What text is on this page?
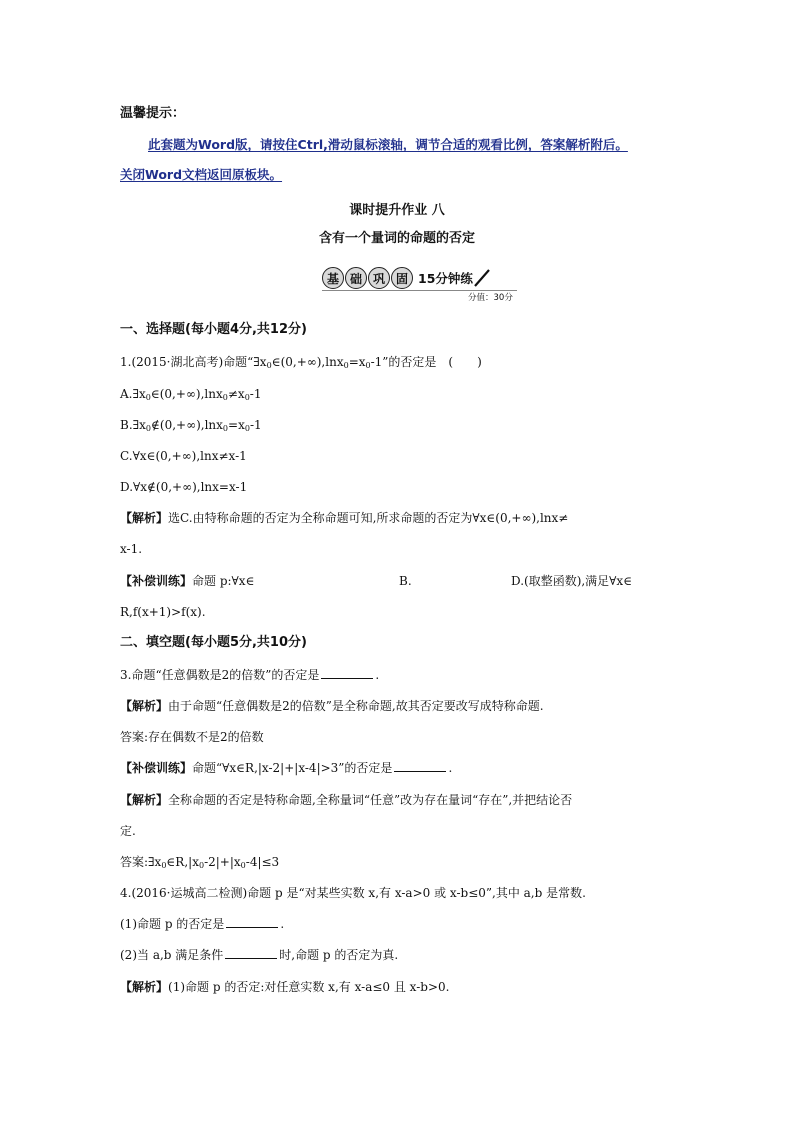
温馨提示：
此套题为Word版，请按住Ctrl,滑动鼠标滚轴，调节合适的观看比例，答案解析附后。
关闭Word文档返回原板块。
课时提升作业 八
含有一个量词的命题的否定
基 础 巩 固 15分钟练
分值：30分
一、选择题(每小题4分,共12分)
1.(2015·湖北高考)命题“$\exists x_0\in(0,+\infty),\ln x_0=x_0-1$”的否定是　(　　)
$A.\exists x_0\in(0,+\infty),\ln x_0\ne x_0-1$
$B.\exists x_0\notin(0,+\infty),\ln x_0=x_0-1$
C.∀x∈(0,+∞),lnx≠x-1
D.∀x∉(0,+∞),lnx=x-1
【解析】选C.由特称命题的否定为全称命题可知,所求命题的否定为∀x∈(0,+∞),lnx≠
x-1.
【补偿训练】命题 p:∀x∈	B.	D.(取整函数),满足∀x∈
R,f(x+1)>f(x).
二、填空题(每小题5分,共10分)
3.命题“任意偶数是2的倍数”的否定是	.
【解析】由于命题“任意偶数是2的倍数”是全称命题,故其否定要改写成特称命题.
答案:存在偶数不是2的倍数
【补偿训练】命题“∀x∈R,|x-2|+|x-4|>3”的否定是	.
【解析】全称命题的否定是特称命题,全称量词“任意”改为存在量词“存在”,并把结论否
定.
答案$:\exists x_0\in R,|x_0-2|+|x_0-4|\le 3$
4.(2016·运城高二检测)命题 p 是“对某些实数 x,有 x-a>0 或 x-b≤0”,其中 a,b 是常数.
(1)命题 p 的否定是	.
(2)当 a,b 满足条件	时,命题 p 的否定为真.
【解析】(1)命题 p 的否定:对任意实数 x,有 x-a≤0 且 x-b>0.
